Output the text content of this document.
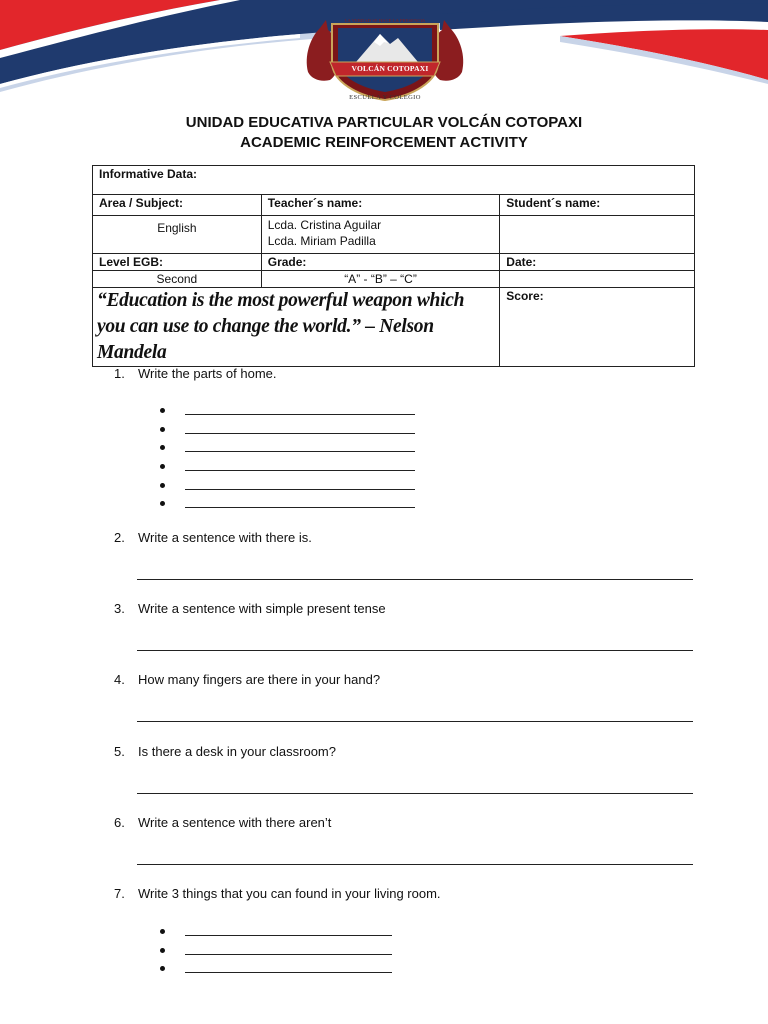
LA VERDAD SE HACE LA PRESENCIA
VOLCÁN COTOPAXI
ESCUELA Y COLEGIO
UNIDAD EDUCATIVA PARTICULAR VOLCÁN COTOPAXI
ACADEMIC REINFORCEMENT ACTIVITY
Informative Data:		
Area / Subject:	Teacher´s name:	Student´s name:
English	Lcda. Cristina Aguilar
Lcda. Miriam Padilla	

Level EGB:	Grade:	Date:
Second	“A” - “B” – “C”	
“Education is the most powerful weapon which you can use to change the world.” – Nelson Mandela		Score:
1. Write the parts of home.
2. Write a sentence with there is.
3. Write a sentence with simple present tense
4. How many fingers are there in your hand?
5. Is there a desk in your classroom?
6. Write a sentence with there aren’t
7. Write 3 things that you can found in your living room.
